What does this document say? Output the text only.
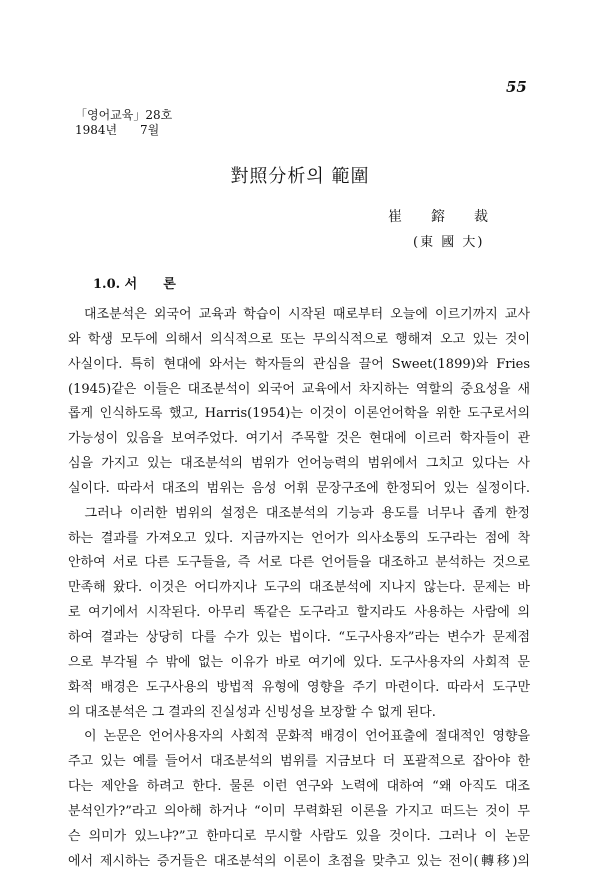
55
「영어교육」28호
1984년 7월
對照分析의 範圍
崔 鎔 裁
(東 國 大)
1.0. 서　　론
　대조분석은 외국어 교육과 학습이 시작된 때로부터 오늘에 이르기까지 교사
와 학생 모두에 의해서 의식적으로 또는 무의식적으로 행해져 오고 있는 것이
사실이다. 특히 현대에 와서는 학자들의 관심을 끌어 Sweet(1899)와 Fries
(1945)같은 이들은 대조분석이 외국어 교육에서 차지하는 역할의 중요성을 새
롭게 인식하도록 했고, Harris(1954)는 이것이 이론언어학을 위한 도구로서의
가능성이 있음을 보여주었다. 여기서 주목할 것은 현대에 이르러 학자들이 관
심을 가지고 있는 대조분석의 범위가 언어능력의 범위에서 그치고 있다는 사
실이다. 따라서 대조의 범위는 음성 어휘 문장구조에 한정되어 있는 실정이다.
　그러나 이러한 범위의 설정은 대조분석의 기능과 용도를 너무나 좁게 한정
하는 결과를 가져오고 있다. 지금까지는 언어가 의사소통의 도구라는 점에 착
안하여 서로 다른 도구들을, 즉 서로 다른 언어들을 대조하고 분석하는 것으로
만족해 왔다. 이것은 어디까지나 도구의 대조분석에 지나지 않는다. 문제는 바
로 여기에서 시작된다. 아무리 똑같은 도구라고 할지라도 사용하는 사람에 의
하여 결과는 상당히 다를 수가 있는 법이다. “도구사용자”라는 변수가 문제점
으로 부각될 수 밖에 없는 이유가 바로 여기에 있다. 도구사용자의 사회적 문
화적 배경은 도구사용의 방법적 유형에 영향을 주기 마련이다. 따라서 도구만
의 대조분석은 그 결과의 진실성과 신빙성을 보장할 수 없게 된다.
　이 논문은 언어사용자의 사회적 문화적 배경이 언어표출에 절대적인 영향을
주고 있는 예를 들어서 대조분석의 범위를 지금보다 더 포괄적으로 잡아야 한
다는 제안을 하려고 한다. 물론 이런 연구와 노력에 대하여 “왜 아직도 대조
분석인가?”라고 의아해 하거나 “이미 무력화된 이론을 가지고 떠드는 것이 무
슨 의미가 있느냐?”고 한마디로 무시할 사람도 있을 것이다. 그러나 이 논문
에서 제시하는 증거들은 대조분석의 이론이 초점을 맞추고 있는 전이(轉移)의
